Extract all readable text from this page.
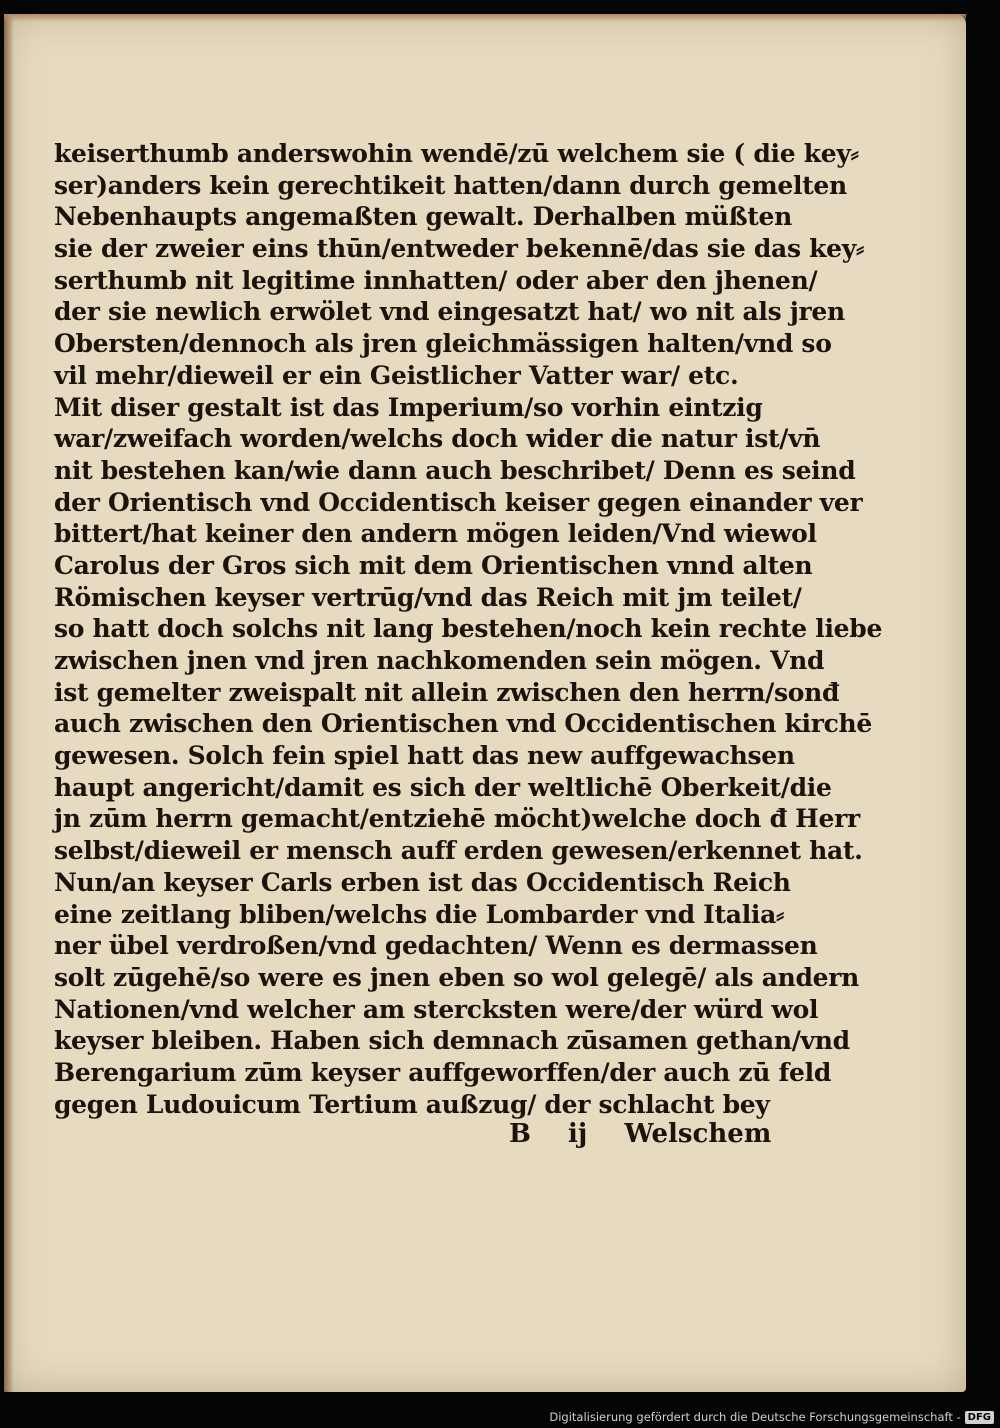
keiserthumb anderswohin wendē/zū welchem sie ( die key⸗
ser)anders kein gerechtikeit hatten/dann durch gemelten
Nebenhaupts angemaßten gewalt. Derhalben müßten
sie der zweier eins thūn/entweder bekennē/das sie das key⸗
serthumb nit legitime innhatten/ oder aber den jhenen/
der sie newlich erwölet vnd eingesatzt hat/ wo nit als jren
Obersten/dennoch als jren gleichmässigen halten/vnd so
vil mehr/dieweil er ein Geistlicher Vatter war/ etc.
Mit diser gestalt ist das Imperium/so vorhin eintzig
war/zweifach worden/welchs doch wider die natur ist/vn̄
nit bestehen kan/wie dann auch beschribet/ Denn es seind
der Orientisch vnd Occidentisch keiser gegen einander ver
bittert/hat keiner den andern mögen leiden/Vnd wiewol
Carolus der Gros sich mit dem Orientischen vnnd alten
Römischen keyser vertrūg/vnd das Reich mit jm teilet/
so hatt doch solchs nit lang bestehen/noch kein rechte liebe
zwischen jnen vnd jren nachkomenden sein mögen. Vnd
ist gemelter zweispalt nit allein zwischen den herrn/sonđ
auch zwischen den Orientischen vnd Occidentischen kirchē
gewesen. Solch fein spiel hatt das new auffgewachsen
haupt angericht/damit es sich der weltlichē Oberkeit/die
jn zūm herrn gemacht/entziehē möcht)welche doch đ Herr
selbst/dieweil er mensch auff erden gewesen/erkennet hat.
Nun/an keyser Carls erben ist das Occidentisch Reich
eine zeitlang bliben/welchs die Lombarder vnd Italia⸗
ner übel verdroßen/vnd gedachten/ Wenn es dermassen
solt zūgehē/so were es jnen eben so wol gelegē/ als andern
Nationen/vnd welcher am stercksten were/der würd wol
keyser bleiben. Haben sich demnach zūsamen gethan/vnd
Berengarium zūm keyser auffgeworffen/der auch zū feld
gegen Ludouicum Tertium außzug/ der schlacht bey
B ij Welschem
Digitalisierung gefördert durch die Deutsche Forschungsgemeinschaft - DFG
